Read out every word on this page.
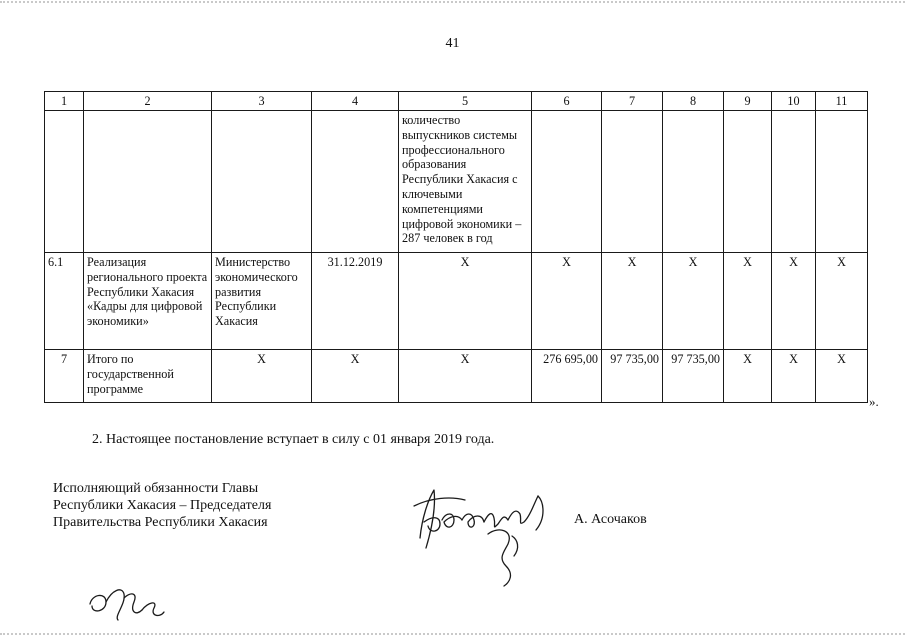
41
1	2	3	4	5	6	7	8	9	10	11
				количество выпускников системы профессионального образования Республики Хакасия с ключевыми компетенциями цифровой экономики – 287 человек в год						
6.1	Реализация регионального проекта Республики Хакасия «Кадры для цифровой экономики»	Министерство экономического развития Республики Хакасия	31.12.2019	Х	Х	Х	Х	Х	Х	Х
7	Итого по государственной программе	Х	Х	Х	276 695,00	97 735,00	97 735,00	Х	Х	Х
».
2. Настоящее постановление вступает в силу с 01 января 2019 года.
Исполняющий обязанности Главы
Республики Хакасия – Председателя
Правительства Республики Хакасия	А. Асочаков
